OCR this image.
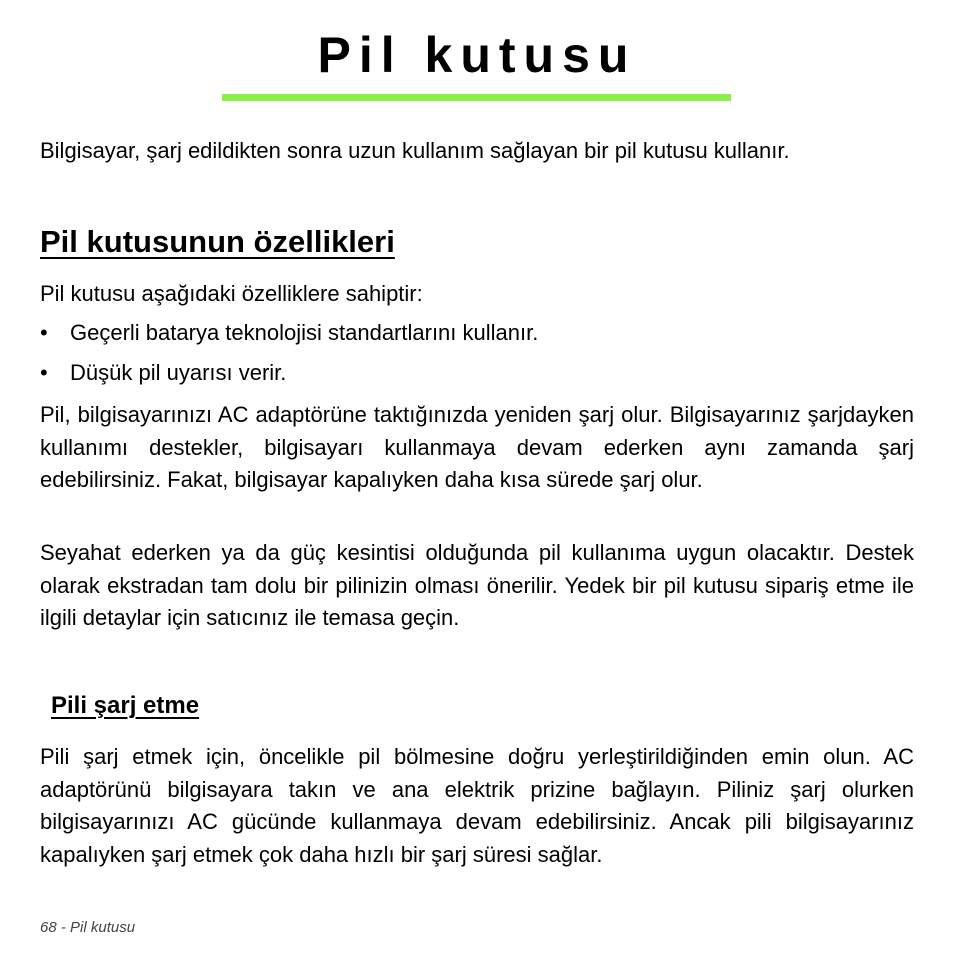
Pil kutusu

Bilgisayar, şarj edildikten sonra uzun kullanım sağlayan bir pil kutusu kullanır.

Pil kutusunun özellikleri

Pil kutusu aşağıdaki özelliklere sahiptir:

• Geçerli batarya teknolojisi standartlarını kullanır.
• Düşük pil uyarısı verir.

Pil, bilgisayarınızı AC adaptörüne taktığınızda yeniden şarj olur. Bilgisayarınız şarjdayken kullanımı destekler, bilgisayarı kullanmaya devam ederken aynı zamanda şarj edebilirsiniz. Fakat, bilgisayar kapalıyken daha kısa sürede şarj olur.

Seyahat ederken ya da güç kesintisi olduğunda pil kullanıma uygun olacaktır. Destek olarak ekstradan tam dolu bir pilinizin olması önerilir. Yedek bir pil kutusu sipariş etme ile ilgili detaylar için satıcınız ile temasa geçin.

Pili şarj etme

Pili şarj etmek için, öncelikle pil bölmesine doğru yerleştirildiğinden emin olun. AC adaptörünü bilgisayara takın ve ana elektrik prizine bağlayın. Piliniz şarj olurken bilgisayarınızı AC gücünde kullanmaya devam edebilirsiniz. Ancak pili bilgisayarınız kapalıyken şarj etmek çok daha hızlı bir şarj süresi sağlar.

68 - Pil kutusu
